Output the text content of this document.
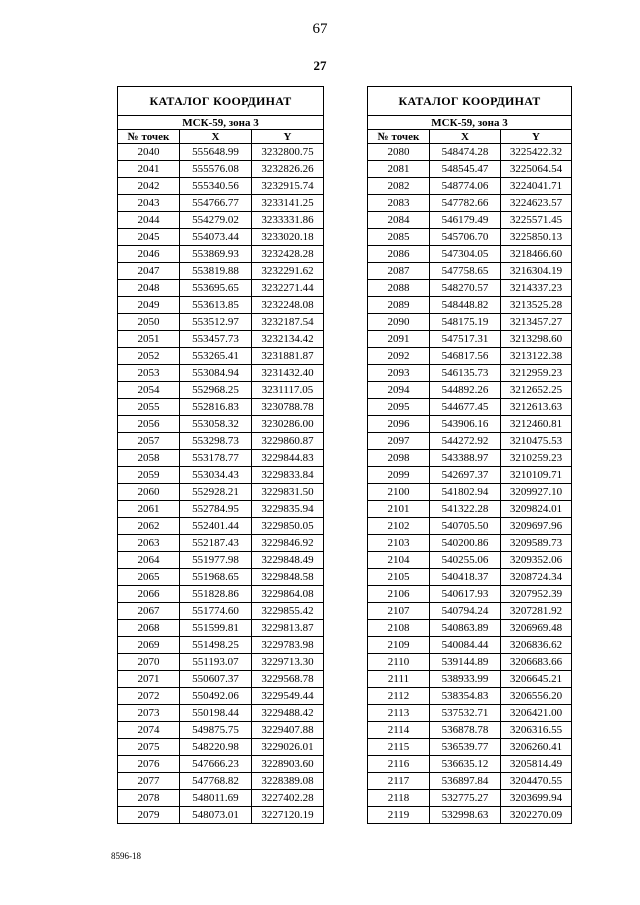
67
27
КАТАЛОГ КООРДИНАТ		
МСК-59, зона 3		
№ точек	X	Y
2040	555648.99	3232800.75
2041	555576.08	3232826.26
2042	555340.56	3232915.74
2043	554766.77	3233141.25
2044	554279.02	3233331.86
2045	554073.44	3233020.18
2046	553869.93	3232428.28
2047	553819.88	3232291.62
2048	553695.65	3232271.44
2049	553613.85	3232248.08
2050	553512.97	3232187.54
2051	553457.73	3232134.42
2052	553265.41	3231881.87
2053	553084.94	3231432.40
2054	552968.25	3231117.05
2055	552816.83	3230788.78
2056	553058.32	3230286.00
2057	553298.73	3229860.87
2058	553178.77	3229844.83
2059	553034.43	3229833.84
2060	552928.21	3229831.50
2061	552784.95	3229835.94
2062	552401.44	3229850.05
2063	552187.43	3229846.92
2064	551977.98	3229848.49
2065	551968.65	3229848.58
2066	551828.86	3229864.08
2067	551774.60	3229855.42
2068	551599.81	3229813.87
2069	551498.25	3229783.98
2070	551193.07	3229713.30
2071	550607.37	3229568.78
2072	550492.06	3229549.44
2073	550198.44	3229488.42
2074	549875.75	3229407.88
2075	548220.98	3229026.01
2076	547666.23	3228903.60
2077	547768.82	3228389.08
2078	548011.69	3227402.28
2079	548073.01	3227120.19
КАТАЛОГ КООРДИНАТ		
МСК-59, зона 3		
№ точек	X	Y
2080	548474.28	3225422.32
2081	548545.47	3225064.54
2082	548774.06	3224041.71
2083	547782.66	3224623.57
2084	546179.49	3225571.45
2085	545706.70	3225850.13
2086	547304.05	3218466.60
2087	547758.65	3216304.19
2088	548270.57	3214337.23
2089	548448.82	3213525.28
2090	548175.19	3213457.27
2091	547517.31	3213298.60
2092	546817.56	3213122.38
2093	546135.73	3212959.23
2094	544892.26	3212652.25
2095	544677.45	3212613.63
2096	543906.16	3212460.81
2097	544272.92	3210475.53
2098	543388.97	3210259.23
2099	542697.37	3210109.71
2100	541802.94	3209927.10
2101	541322.28	3209824.01
2102	540705.50	3209697.96
2103	540200.86	3209589.73
2104	540255.06	3209352.06
2105	540418.37	3208724.34
2106	540617.93	3207952.39
2107	540794.24	3207281.92
2108	540863.89	3206969.48
2109	540084.44	3206836.62
2110	539144.89	3206683.66
2111	538933.99	3206645.21
2112	538354.83	3206556.20
2113	537532.71	3206421.00
2114	536878.78	3206316.55
2115	536539.77	3206260.41
2116	536635.12	3205814.49
2117	536897.84	3204470.55
2118	532775.27	3203699.94
2119	532998.63	3202270.09
8596-18
